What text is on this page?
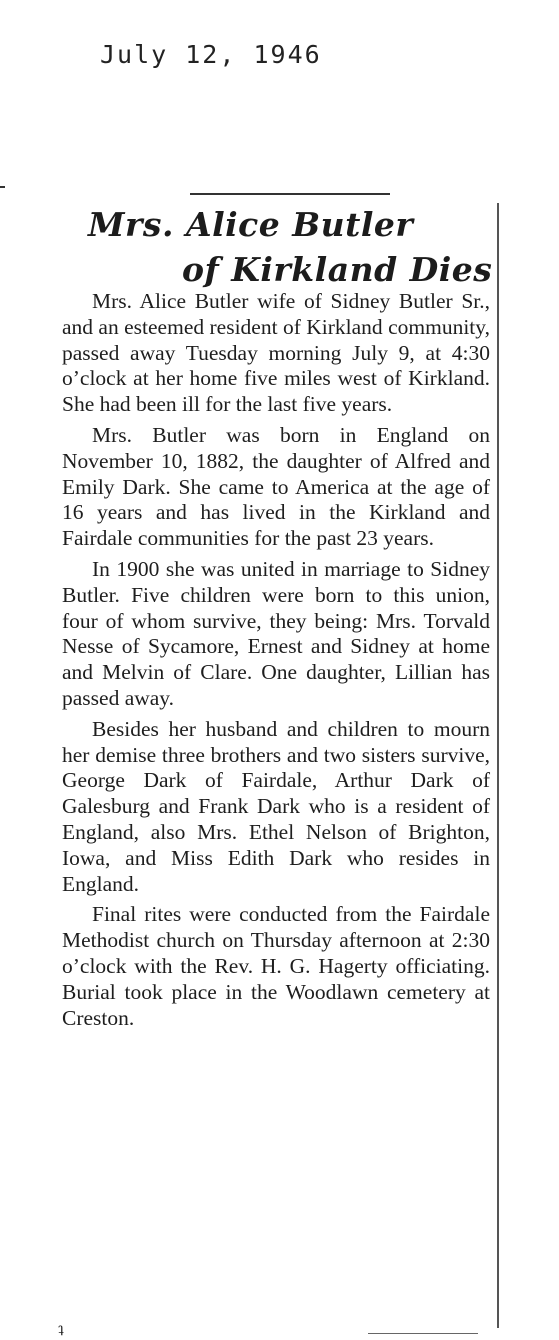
July 12, 1946
Mrs. Alice Butler
of Kirkland Dies

Mrs. Alice Butler wife of Sidney Butler Sr., and an esteemed resident of Kirkland community, passed away Tuesday morning July 9, at 4:30 o’clock at her home five miles west of Kirkland. She had been ill for the last five years.

Mrs. Butler was born in England on November 10, 1882, the daughter of Alfred and Emily Dark. She came to America at the age of 16 years and has lived in the Kirkland and Fairdale communities for the past 23 years.

In 1900 she was united in marriage to Sidney Butler. Five children were born to this union, four of whom survive, they being: Mrs. Torvald Nesse of Sycamore, Ernest and Sidney at home and Melvin of Clare. One daughter, Lillian has passed away.

Besides her husband and children to mourn her demise three brothers and two sisters survive, George Dark of Fairdale, Arthur Dark of Galesburg and Frank Dark who is a resident of England, also Mrs. Ethel Nelson of Brighton, Iowa, and Miss Edith Dark who resides in England.

Final rites were conducted from the Fairdale Methodist church on Thursday afternoon at 2:30 o’clock with the Rev. H. G. Hagerty officiating. Burial took place in the Woodlawn cemetery at Creston.

ʇ
